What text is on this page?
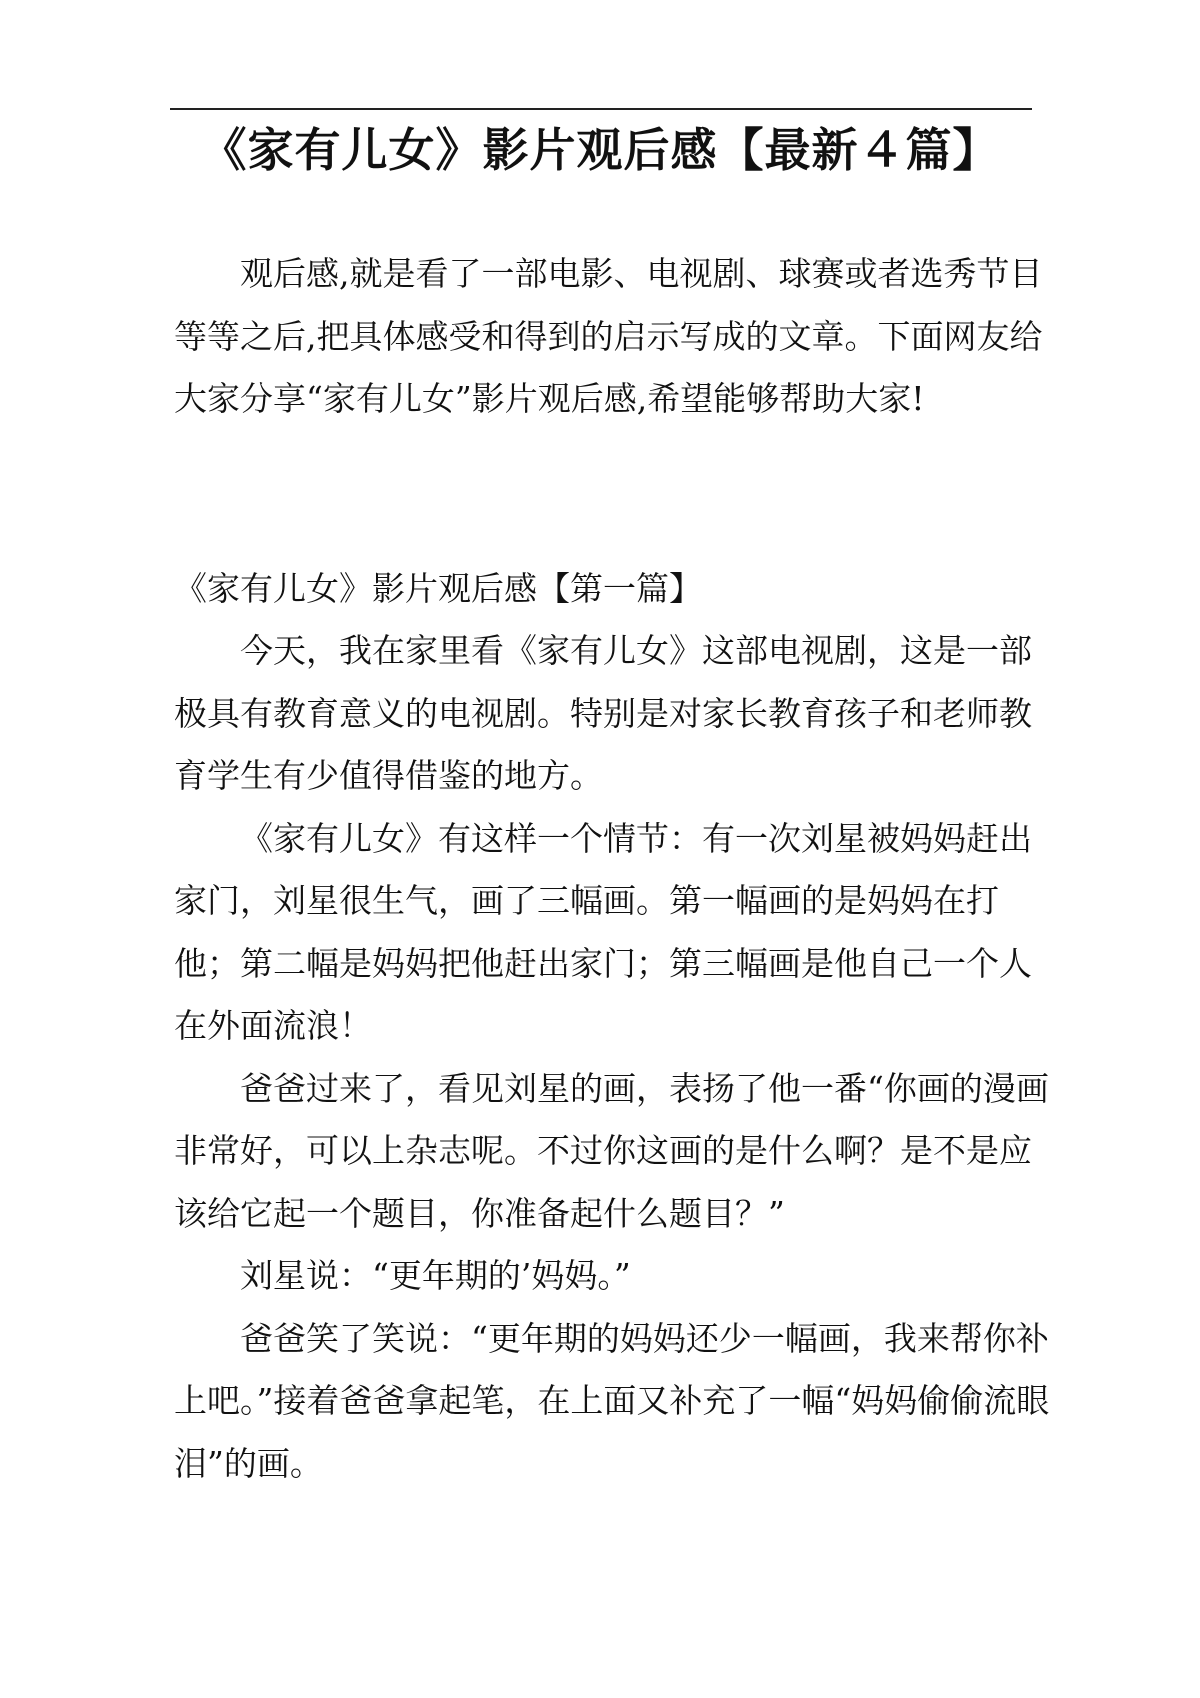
《家有儿女》影片观后感【最新４篇】

观后感,就是看了一部电影、电视剧、球赛或者选秀节目等等之后,把具体感受和得到的启示写成的文章。下面网友给大家分享“家有儿女”影片观后感,希望能够帮助大家!

《家有儿女》影片观后感【第一篇】

今天，我在家里看《家有儿女》这部电视剧，这是一部极具有教育意义的电视剧。特别是对家长教育孩子和老师教育学生有少值得借鉴的地方。

《家有儿女》有这样一个情节：有一次刘星被妈妈赶出家门，刘星很生气，画了三幅画。第一幅画的是妈妈在打他；第二幅是妈妈把他赶出家门；第三幅画是他自己一个人在外面流浪！

爸爸过来了，看见刘星的画，表扬了他一番“你画的漫画非常好，可以上杂志呢。不过你这画的是什么啊？是不是应该给它起一个题目，你准备起什么题目？”

刘星说：“更年期的’妈妈。”

爸爸笑了笑说：“更年期的妈妈还少一幅画，我来帮你补上吧。”接着爸爸拿起笔，在上面又补充了一幅“妈妈偷偷流眼泪”的画。
